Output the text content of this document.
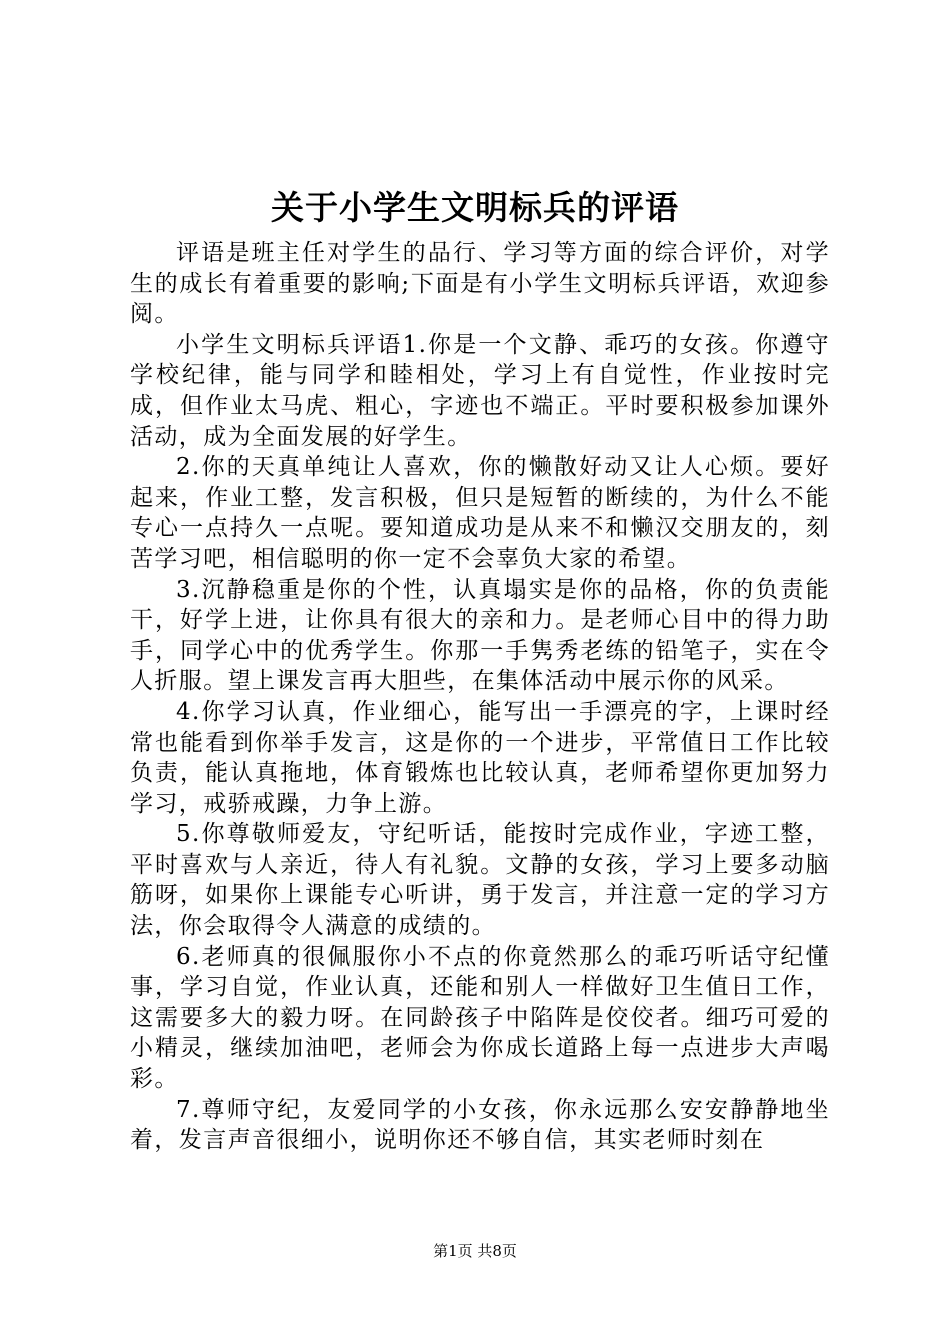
关于小学生文明标兵的评语

评语是班主任对学生的品行、学习等方面的综合评价，对学生的成长有着重要的影响;下面是有小学生文明标兵评语，欢迎参阅。

小学生文明标兵评语1.你是一个文静、乖巧的女孩。你遵守学校纪律，能与同学和睦相处，学习上有自觉性，作业按时完成，但作业太马虎、粗心，字迹也不端正。平时要积极参加课外活动，成为全面发展的好学生。

2.你的天真单纯让人喜欢，你的懒散好动又让人心烦。要好起来，作业工整，发言积极，但只是短暂的断续的，为什么不能专心一点持久一点呢。要知道成功是从来不和懒汉交朋友的，刻苦学习吧，相信聪明的你一定不会辜负大家的希望。

3.沉静稳重是你的个性，认真塌实是你的品格，你的负责能干，好学上进，让你具有很大的亲和力。是老师心目中的得力助手，同学心中的优秀学生。你那一手隽秀老练的铅笔子，实在令人折服。望上课发言再大胆些，在集体活动中展示你的风采。

4.你学习认真，作业细心，能写出一手漂亮的字，上课时经常也能看到你举手发言，这是你的一个进步，平常值日工作比较负责，能认真拖地，体育锻炼也比较认真，老师希望你更加努力学习，戒骄戒躁，力争上游。

5.你尊敬师爱友，守纪听话，能按时完成作业，字迹工整，平时喜欢与人亲近，待人有礼貌。文静的女孩，学习上要多动脑筋呀，如果你上课能专心听讲，勇于发言，并注意一定的学习方法，你会取得令人满意的成绩的。

6.老师真的很佩服你小不点的你竟然那么的乖巧听话守纪懂事，学习自觉，作业认真，还能和别人一样做好卫生值日工作，这需要多大的毅力呀。在同龄孩子中陷阵是佼佼者。细巧可爱的小精灵，继续加油吧，老师会为你成长道路上每一点进步大声喝彩。

7.尊师守纪，友爱同学的小女孩，你永远那么安安静静地坐着，发言声音很细小，说明你还不够自信，其实老师时刻在

第1页 共8页
